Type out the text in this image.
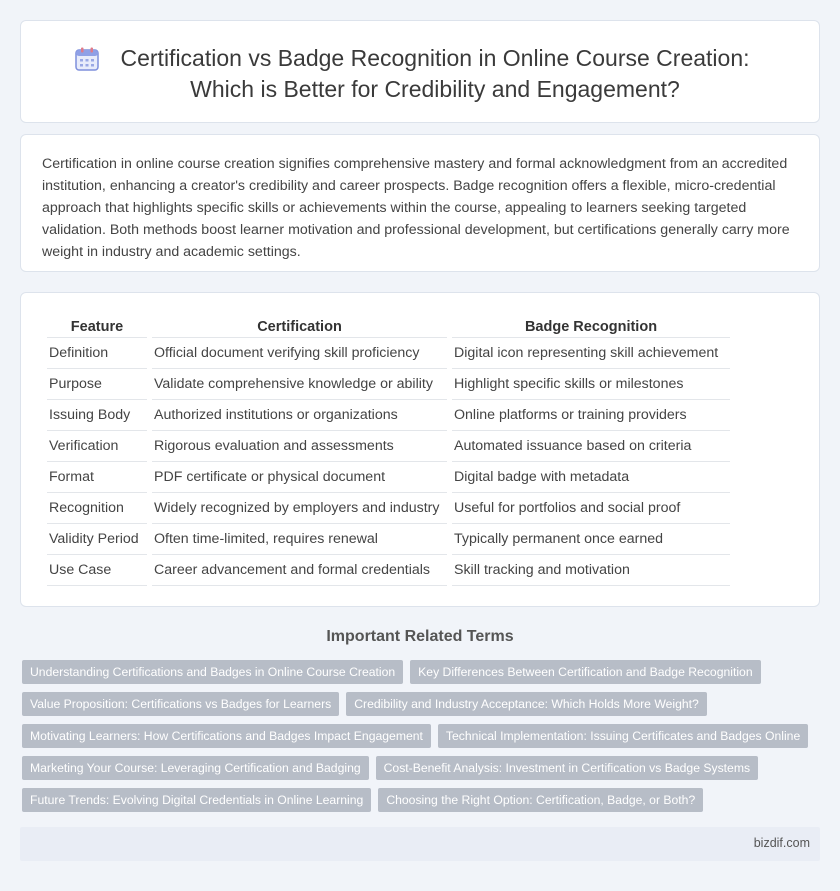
Certification vs Badge Recognition in Online Course Creation: Which is Better for Credibility and Engagement?

Certification in online course creation signifies comprehensive mastery and formal acknowledgment from an accredited institution, enhancing a creator's credibility and career prospects. Badge recognition offers a flexible, micro-credential approach that highlights specific skills or achievements within the course, appealing to learners seeking targeted validation. Both methods boost learner motivation and professional development, but certifications generally carry more weight in industry and academic settings.

Feature	Certification	Badge Recognition
Definition	Official document verifying skill proficiency	Digital icon representing skill achievement
Purpose	Validate comprehensive knowledge or ability	Highlight specific skills or milestones
Issuing Body	Authorized institutions or organizations	Online platforms or training providers
Verification	Rigorous evaluation and assessments	Automated issuance based on criteria
Format	PDF certificate or physical document	Digital badge with metadata
Recognition	Widely recognized by employers and industry	Useful for portfolios and social proof
Validity Period	Often time-limited, requires renewal	Typically permanent once earned
Use Case	Career advancement and formal credentials	Skill tracking and motivation
Important Related Terms
Understanding Certifications and Badges in Online Course Creation	Key Differences Between Certification and Badge Recognition
Value Proposition: Certifications vs Badges for Learners	Credibility and Industry Acceptance: Which Holds More Weight?
Motivating Learners: How Certifications and Badges Impact Engagement	Technical Implementation: Issuing Certificates and Badges Online
Marketing Your Course: Leveraging Certification and Badging	Cost-Benefit Analysis: Investment in Certification vs Badge Systems
Future Trends: Evolving Digital Credentials in Online Learning	Choosing the Right Option: Certification, Badge, or Both?
bizdif.com
